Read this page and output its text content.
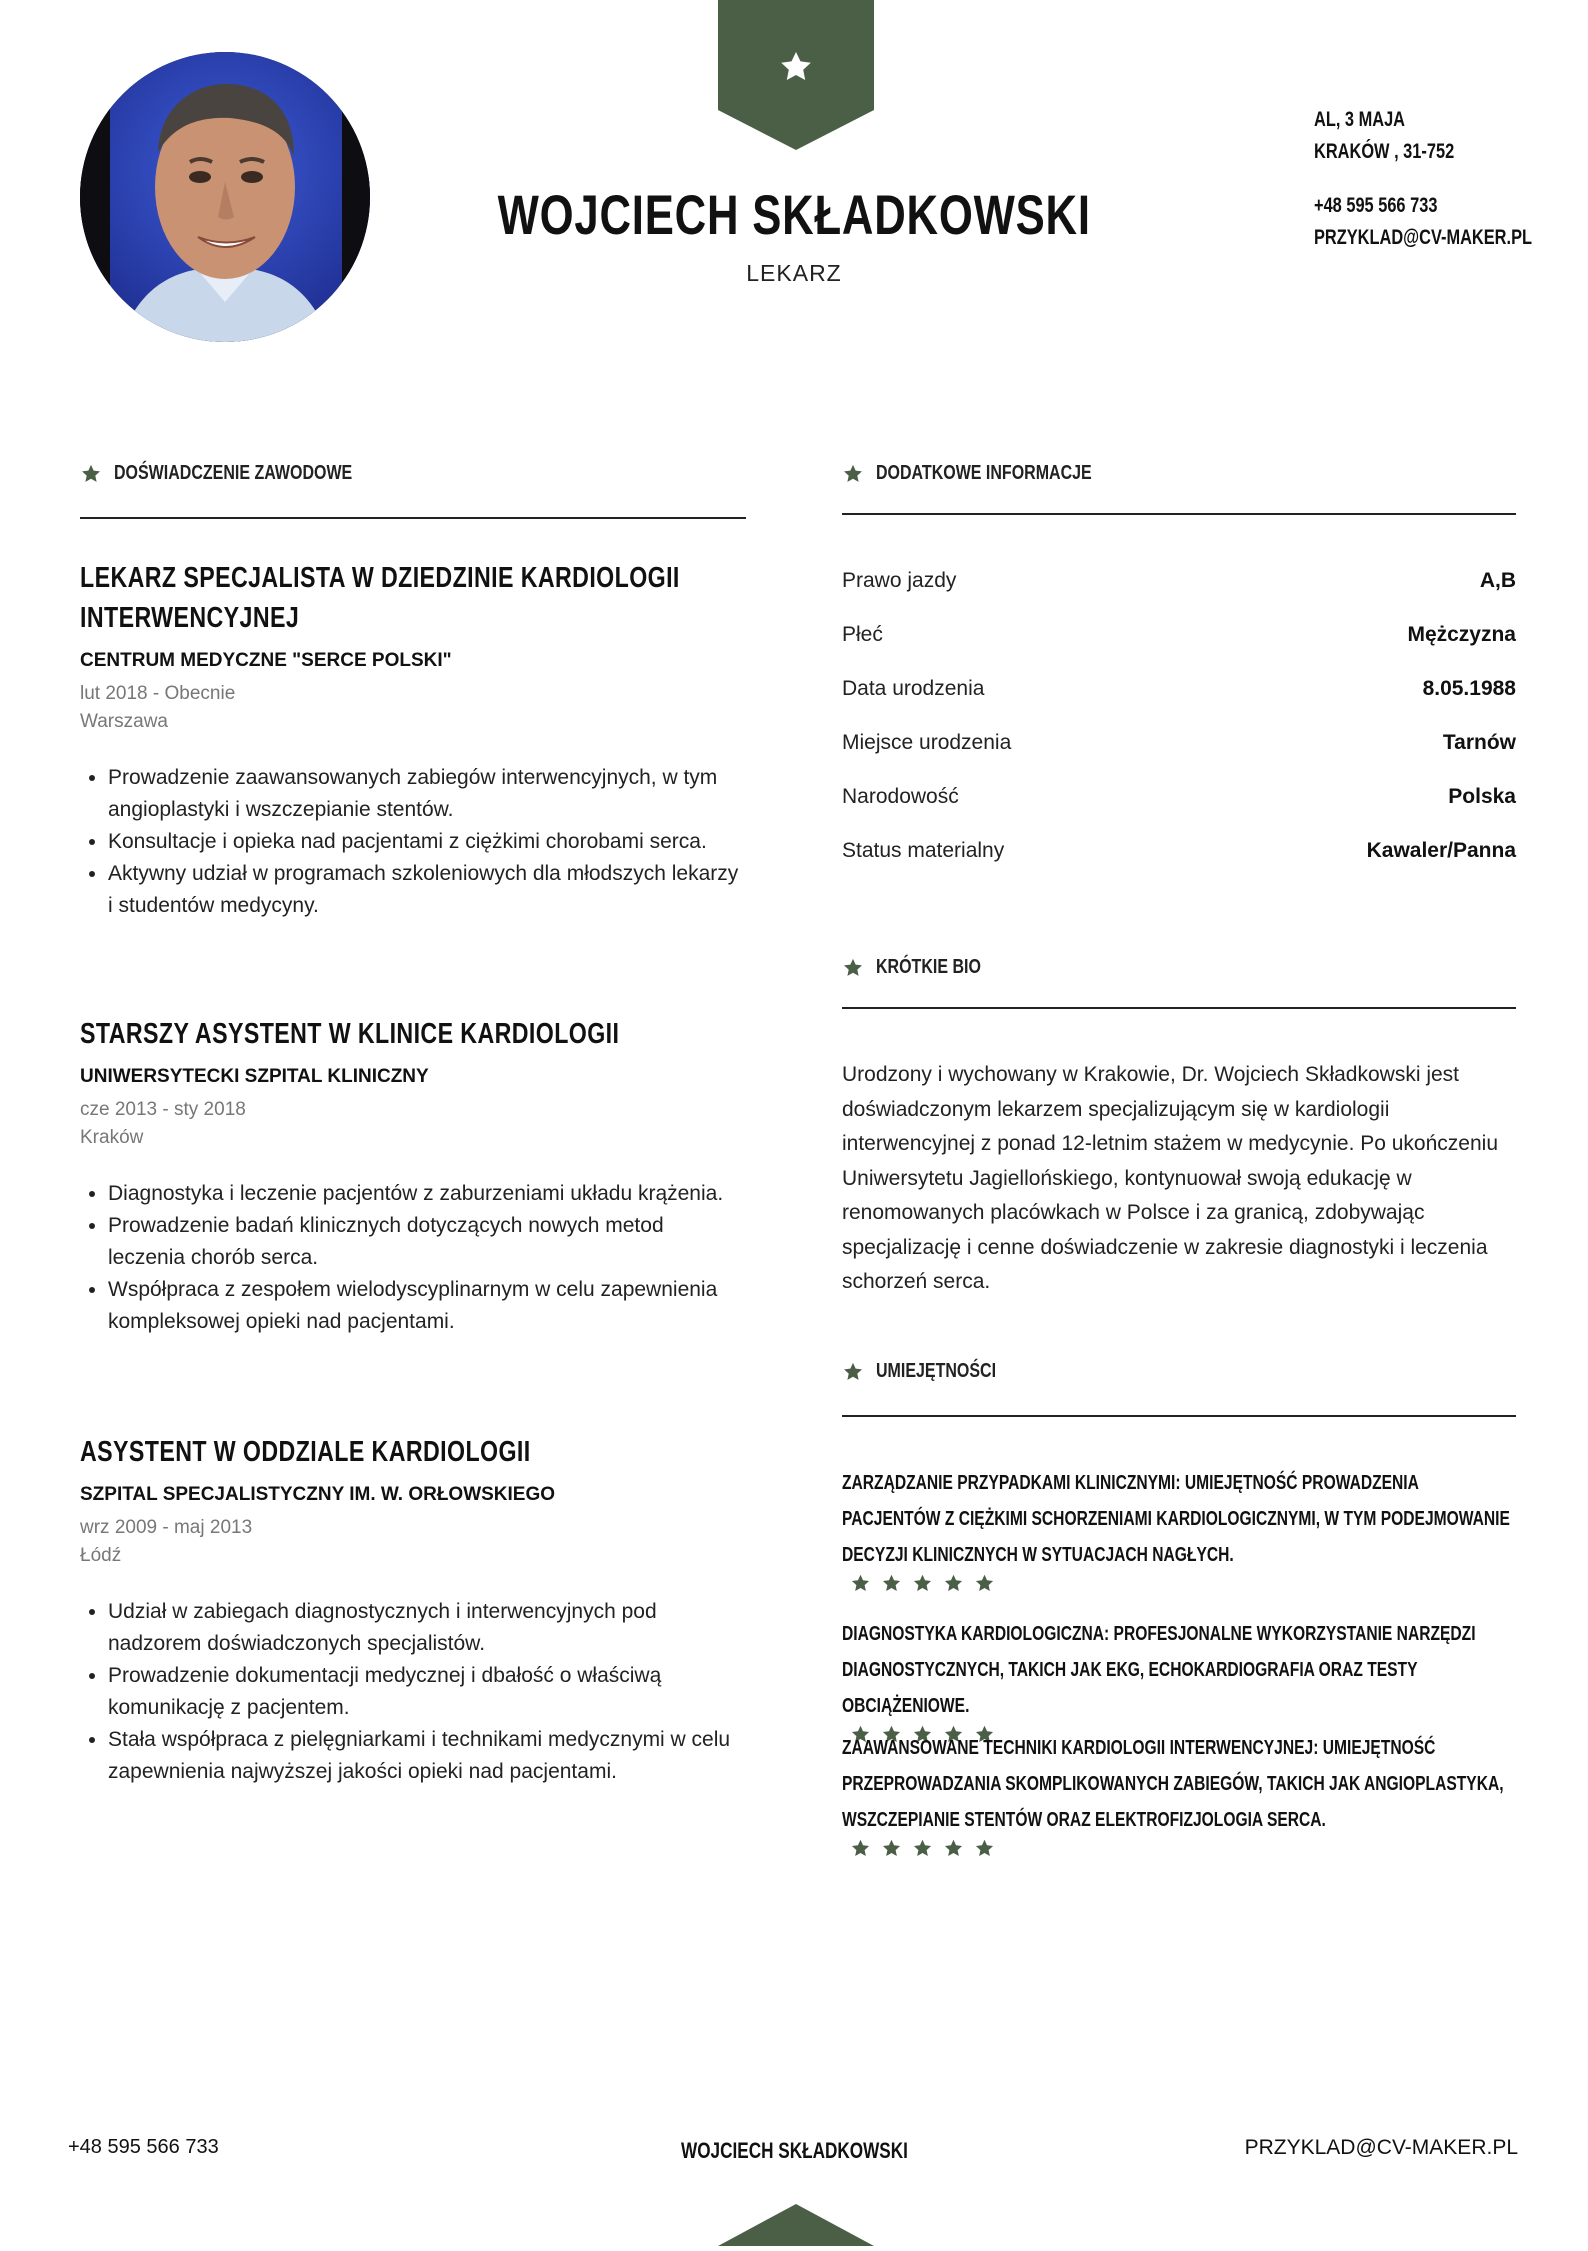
WOJCIECH SKŁADKOWSKI
LEKARZ
AL, 3 MAJA
KRAKÓW , 31-752
+48 595 566 733
PRZYKLAD@CV-MAKER.PL
DOŚWIADCZENIE ZAWODOWE
LEKARZ SPECJALISTA W DZIEDZINIE KARDIOLOGII INTERWENCYJNEJ
CENTRUM MEDYCZNE "SERCE POLSKI"
lut 2018 - Obecnie
Warszawa
• Prowadzenie zaawansowanych zabiegów interwencyjnych, w tym angioplastyki i wszczepianie stentów.
• Konsultacje i opieka nad pacjentami z ciężkimi chorobami serca.
• Aktywny udział w programach szkoleniowych dla młodszych lekarzy i studentów medycyny.
STARSZY ASYSTENT W KLINICE KARDIOLOGII
UNIWERSYTECKI SZPITAL KLINICZNY
cze 2013 - sty 2018
Kraków
• Diagnostyka i leczenie pacjentów z zaburzeniami układu krążenia.
• Prowadzenie badań klinicznych dotyczących nowych metod leczenia chorób serca.
• Współpraca z zespołem wielodyscyplinarnym w celu zapewnienia kompleksowej opieki nad pacjentami.
ASYSTENT W ODDZIALE KARDIOLOGII
SZPITAL SPECJALISTYCZNY IM. W. ORŁOWSKIEGO
wrz 2009 - maj 2013
Łódź
• Udział w zabiegach diagnostycznych i interwencyjnych pod nadzorem doświadczonych specjalistów.
• Prowadzenie dokumentacji medycznej i dbałość o właściwą komunikację z pacjentem.
• Stała współpraca z pielęgniarkami i technikami medycznymi w celu zapewnienia najwyższej jakości opieki nad pacjentami.
DODATKOWE INFORMACJE
Prawo jazdy	A,B
Płeć	Mężczyzna
Data urodzenia	8.05.1988
Miejsce urodzenia	Tarnów
Narodowość	Polska
Status materialny	Kawaler/Panna
KRÓTKIE BIO
Urodzony i wychowany w Krakowie, Dr. Wojciech Składkowski jest doświadczonym lekarzem specjalizującym się w kardiologii interwencyjnej z ponad 12-letnim stażem w medycynie. Po ukończeniu Uniwersytetu Jagiellońskiego, kontynuował swoją edukację w renomowanych placówkach w Polsce i za granicą, zdobywając specjalizację i cenne doświadczenie w zakresie diagnostyki i leczenia schorzeń serca.
UMIEJĘTNOŚCI
ZARZĄDZANIE PRZYPADKAMI KLINICZNYMI: UMIEJĘTNOŚĆ PROWADZENIA PACJENTÓW Z CIĘŻKIMI SCHORZENIAMI KARDIOLOGICZNYMI, W TYM PODEJMOWANIE DECYZJI KLINICZNYCH W SYTUACJACH NAGŁYCH.
DIAGNOSTYKA KARDIOLOGICZNA: PROFESJONALNE WYKORZYSTANIE NARZĘDZI DIAGNOSTYCZNYCH, TAKICH JAK EKG, ECHOKARDIOGRAFIA ORAZ TESTY OBCIĄŻENIOWE.
ZAAWANSOWANE TECHNIKI KARDIOLOGII INTERWENCYJNEJ: UMIEJĘTNOŚĆ PRZEPROWADZANIA SKOMPLIKOWANYCH ZABIEGÓW, TAKICH JAK ANGIOPLASTYKA, WSZCZEPIANIE STENTÓW ORAZ ELEKTROFIZJOLOGIA SERCA.
+48 595 566 733	WOJCIECH SKŁADKOWSKI	PRZYKLAD@CV-MAKER.PL
